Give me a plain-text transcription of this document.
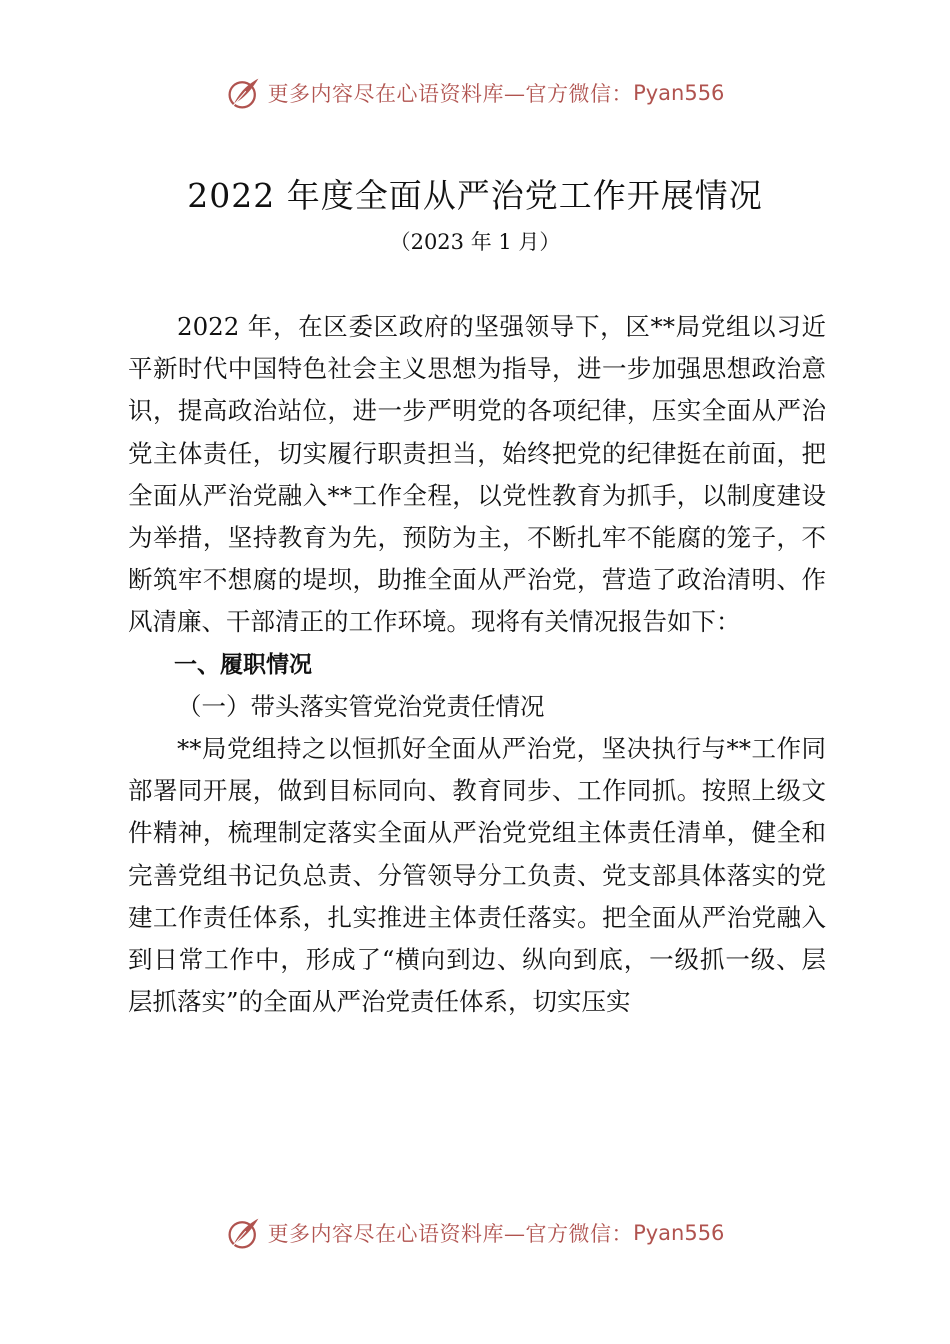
更多内容尽在心语资料库—官方微信： Pyan556
2022 年度全面从严治党工作开展情况
（2023 年 1 月）

2022 年，在区委区政府的坚强领导下，区**局党组以习近平新时代中国特色社会主义思想为指导，进一步加强思想政治意识，提高政治站位，进一步严明党的各项纪律，压实全面从严治党主体责任，切实履行职责担当，始终把党的纪律挺在前面，把全面从严治党融入**工作全程，以党性教育为抓手，以制度建设为举措，坚持教育为先，预防为主，不断扎牢不能腐的笼子，不断筑牢不想腐的堤坝，助推全面从严治党，营造了政治清明、作风清廉、干部清正的工作环境。现将有关情况报告如下：

一、履职情况

（一）带头落实管党治党责任情况

**局党组持之以恒抓好全面从严治党，坚决执行与**工作同部署同开展，做到目标同向、教育同步、工作同抓。按照上级文件精神，梳理制定落实全面从严治党党组主体责任清单，健全和完善党组书记负总责、分管领导分工负责、党支部具体落实的党建工作责任体系，扎实推进主体责任落实。把全面从严治党融入到日常工作中，形成了“横向到边、纵向到底，一级抓一级、层层抓落实”的全面从严治党责任体系，切实压实

更多内容尽在心语资料库—官方微信： Pyan556
